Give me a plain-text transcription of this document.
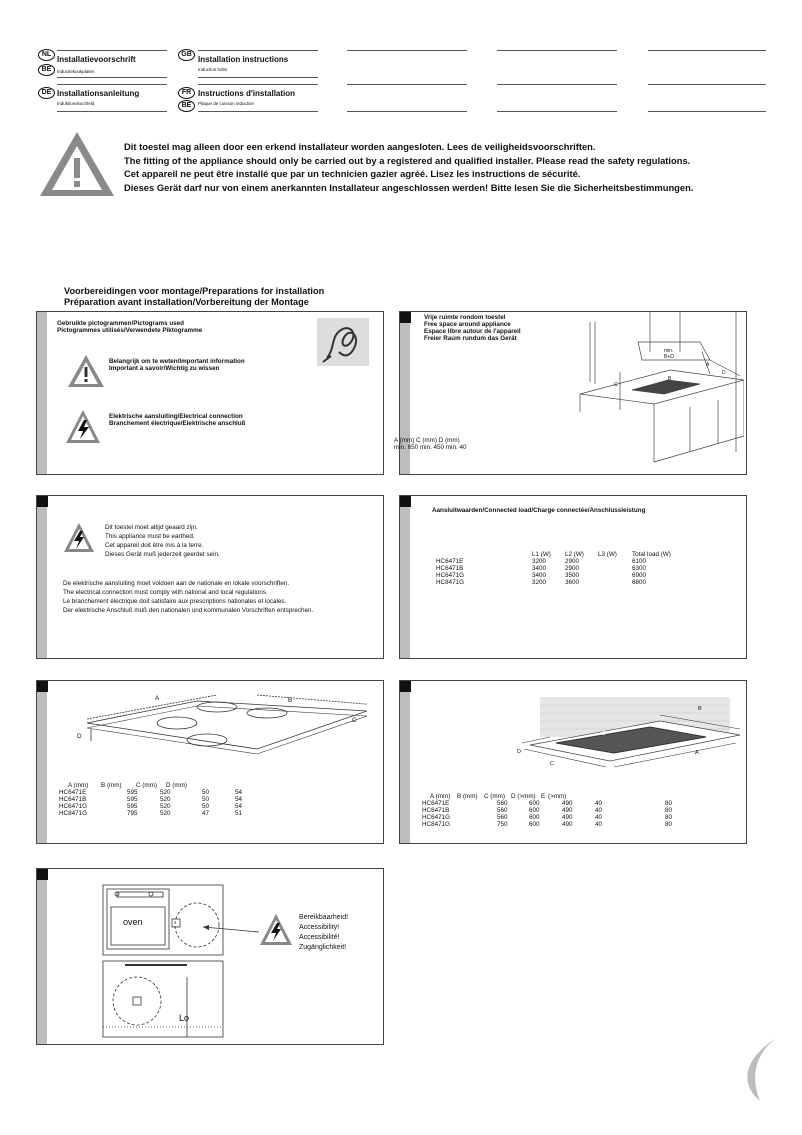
NL
Installatievoorschrift
BE	Inductiekookplaten
DE Installationsanleitung
Induktionskochfeld
GB
Installation instructions
Induction hobs
FR Instructions d'installation
BE	Plaque de cuisson induction
Dit toestel mag alleen door een erkend installateur worden aangesloten. Lees de veiligheidsvoorschriften.
The fitting of the appliance should only be carried out by a registered and qualified installer. Please read the safety regulations.
Cet appareil ne peut être installé que par un technicien gazier agréé. Lisez les instructions de sécurité.
Dieses Gerät darf nur von einem anerkannten Installateur angeschlossen werden! Bitte lesen Sie die Sicherheitsbestimmungen.
Voorbereidingen voor montage/Preparations for installation
Préparation avant installation/Vorbereitung der Montage
Gebruikte pictogrammen/Pictograms used
Pictogrammes utilisés/Verwendete Piktogramme
Belangrijk om te weten/Important information
Important à savoir/Wichtig zu wissen
Elektrische aansluiting/Electrical connection
Branchement électrique/Elektrische anschluß
Vrije ruimte rondom toestel
Free space around appliance
Espace libre autour de l'appareil
Freier Raum rundum das Gerät
min.
B+D
A
B
C
D
A (mm) C (mm) D (mm)
min. 650 min. 450 min. 40
Dit toestel moet altijd geaard zijn.
This appliance must be earthed.
Cet appareil doit être mis à la terre.
Dieses Gerät muß jederzeit geerdet sein.
De elektrische aansluiting moet voldoen aan de nationale en lokale voorschriften.
The electrical connection must comply with national and local regulations.
Le branchement électrique doit satisfaire aux prescriptions nationales et locales.
Der elektrische Anschluß muß den nationalen und kommunalen Vorschriften entsprechen.
Aansluitwaarden/Connected load/Charge connectée/Anschlussleistung
	L1 (W)	L2 (W)	L3 (W)	Total load (W)
HC6471E	3200	2900		6100
HC6471B	3400	2900		6300
HC6471G	3400	3500		6900
HC8471G	3200	3600		6800
A	B
C
D
	A (mm)	B (mm)	C (mm)	D (mm)
HC6471E	595	520	50	54
HC6471B	595	520	50	54
HC6471G	595	520	50	54
HC8471G	795	520	47	51
E
B
A
C
D
A (mm)	B (mm)	C (mm)	D (>mm)	E	(>mm)
HC6471E	560	600	490	40	80
HC6471B	560	600	490	40	80
HC6471G	560	600	490	40	80
HC8471G	750	600	490	40	80
oven
Lo
Bereikbaarheid!
Accessibility!
Accessibilité!
Zugänglichkeit!
